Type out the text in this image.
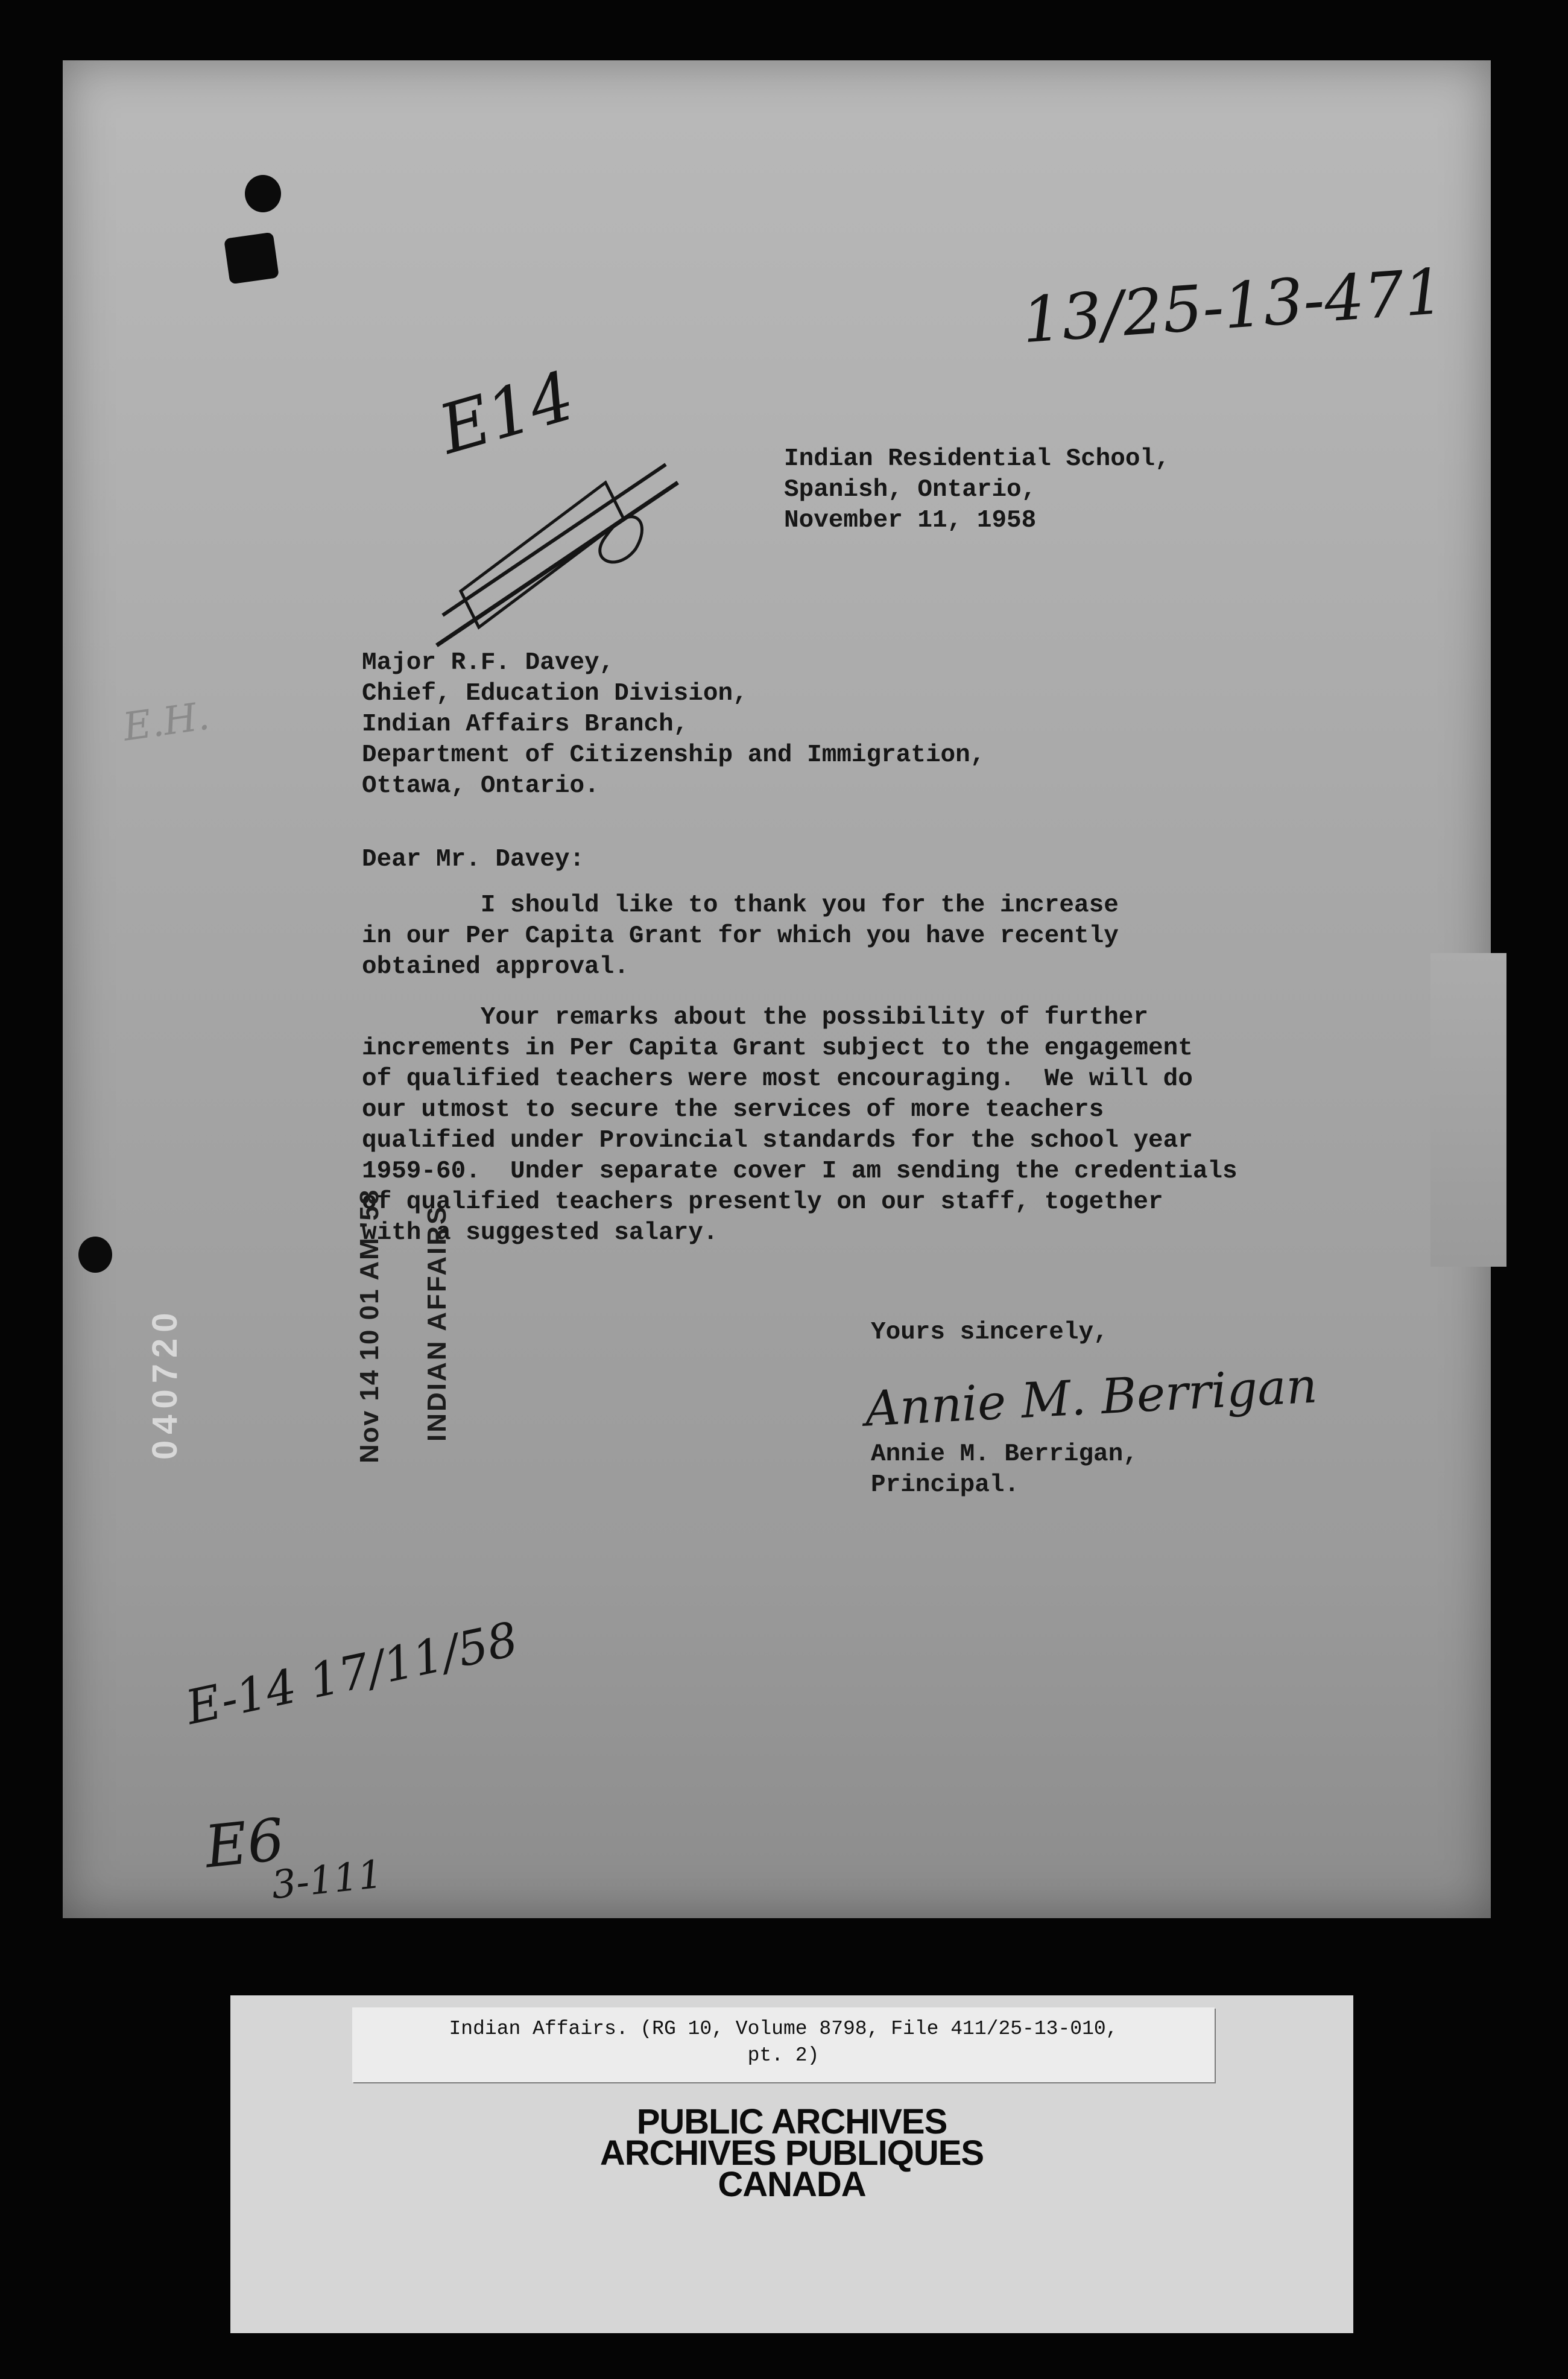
13/25-13-471
E14	Indian Residential School,
Spanish, Ontario,
November 11, 1958
E.H.
Major R.F. Davey,
Chief, Education Division,
Indian Affairs Branch,
Department of Citizenship and Immigration,
Ottawa, Ontario.
Dear Mr. Davey:
I should like to thank you for the increase
in our Per Capita Grant for which you have recently
obtained approval.
Your remarks about the possibility of further
increments in Per Capita Grant subject to the engagement
of qualified teachers were most encouraging.  We will do
our utmost to secure the services of more teachers
qualified under Provincial standards for the school year
1959-60.  Under separate cover I am sending the credentials
of qualified teachers presently on our staff, together
with a suggested salary.
Nov 14 10 01 AM '58 INDIAN AFFAIRS	Yours sincerely,
Annie M. Berrigan
Annie M. Berrigan,
Principal.
E-14 17/11/58
E6
3-111
040720
Indian Affairs. (RG 10, Volume 8798, File 411/25-13-010,
pt. 2)
PUBLIC ARCHIVES
ARCHIVES PUBLIQUES
CANADA
